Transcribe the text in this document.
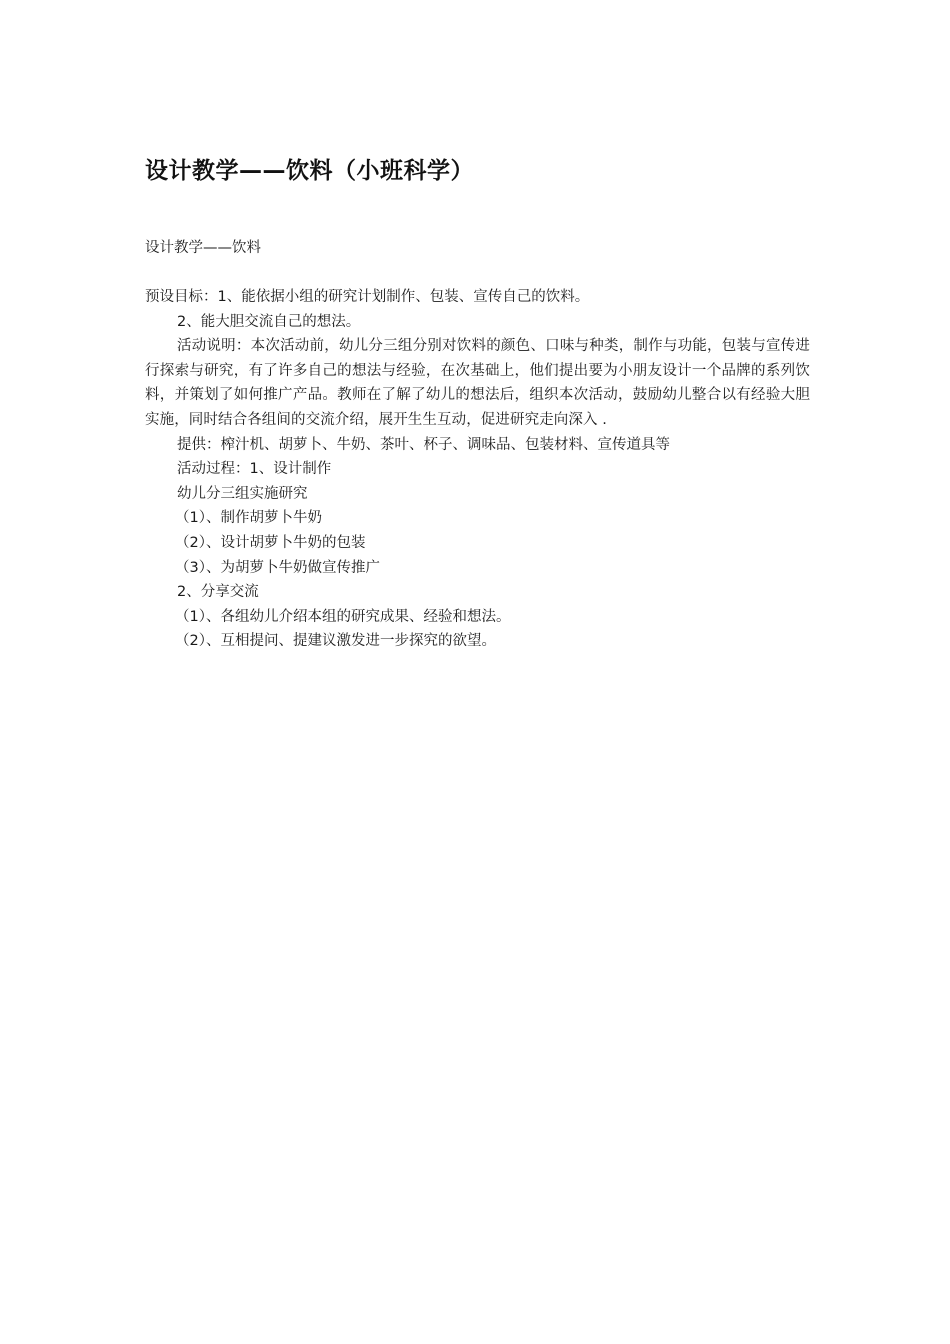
设计教学——饮料（小班科学）
设计教学——饮料
预设目标：1、能依据小组的研究计划制作、包装、宣传自己的饮料。
2、能大胆交流自己的想法。
活动说明：本次活动前，幼儿分三组分别对饮料的颜色、口味与种类，制作与功能，包装与宣传进行探索与研究，有了许多自己的想法与经验，在次基础上，他们提出要为小朋友设计一个品牌的系列饮料，并策划了如何推广产品。教师在了解了幼儿的想法后，组织本次活动，鼓励幼儿整合以有经验大胆实施，同时结合各组间的交流介绍，展开生生互动，促进研究走向深入 .
提供：榨汁机、胡萝卜、牛奶、茶叶、杯子、调味品、包装材料、宣传道具等
活动过程：1、设计制作
幼儿分三组实施研究
（1）、制作胡萝卜牛奶
（2）、设计胡萝卜牛奶的包装
（3）、为胡萝卜牛奶做宣传推广
2、分享交流
（1）、各组幼儿介绍本组的研究成果、经验和想法。
（2）、互相提问、提建议激发进一步探究的欲望。
